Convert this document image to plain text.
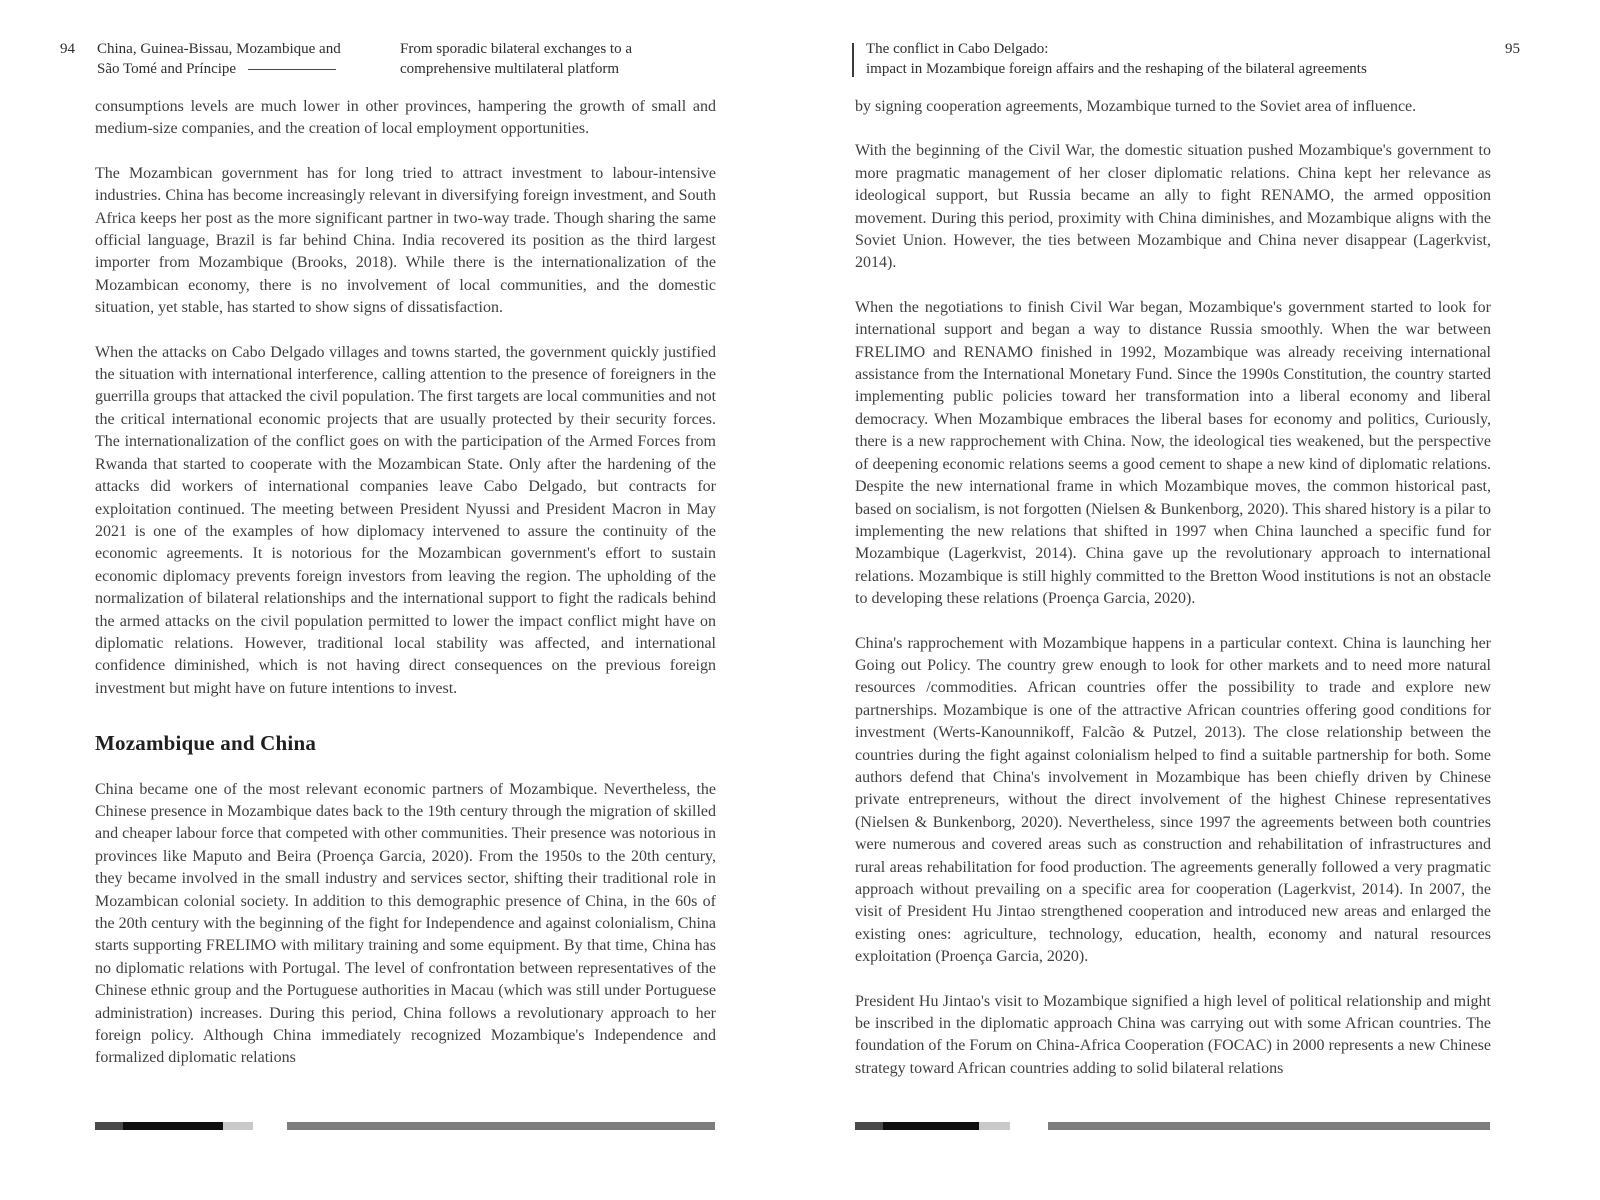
94 China, Guinea-Bissau, Mozambique and
São Tomé and Príncipe
From sporadic bilateral exchanges to a
comprehensive multilateral platform
The conflict in Cabo Delgado:
impact in Mozambique foreign affairs and the reshaping of the bilateral agreements
95

consumptions levels are much lower in other provinces, hampering the growth of small and medium-size companies, and the creation of local employment opportunities.

The Mozambican government has for long tried to attract investment to labour-intensive industries. China has become increasingly relevant in diversifying foreign investment, and South Africa keeps her post as the more significant partner in two-way trade. Though sharing the same official language, Brazil is far behind China. India recovered its position as the third largest importer from Mozambique (Brooks, 2018). While there is the internationalization of the Mozambican economy, there is no involvement of local communities, and the domestic situation, yet stable, has started to show signs of dissatisfaction.

When the attacks on Cabo Delgado villages and towns started, the government quickly justified the situation with international interference, calling attention to the presence of foreigners in the guerrilla groups that attacked the civil population. The first targets are local communities and not the critical international economic projects that are usually protected by their security forces. The internationalization of the conflict goes on with the participation of the Armed Forces from Rwanda that started to cooperate with the Mozambican State. Only after the hardening of the attacks did workers of international companies leave Cabo Delgado, but contracts for exploitation continued. The meeting between President Nyussi and President Macron in May 2021 is one of the examples of how diplomacy intervened to assure the continuity of the economic agreements. It is notorious for the Mozambican government's effort to sustain economic diplomacy prevents foreign investors from leaving the region. The upholding of the normalization of bilateral relationships and the international support to fight the radicals behind the armed attacks on the civil population permitted to lower the impact conflict might have on diplomatic relations. However, traditional local stability was affected, and international confidence diminished, which is not having direct consequences on the previous foreign investment but might have on future intentions to invest.

Mozambique and China

China became one of the most relevant economic partners of Mozambique. Nevertheless, the Chinese presence in Mozambique dates back to the 19th century through the migration of skilled and cheaper labour force that competed with other communities. Their presence was notorious in provinces like Maputo and Beira (Proença Garcia, 2020). From the 1950s to the 20th century, they became involved in the small industry and services sector, shifting their traditional role in Mozambican colonial society. In addition to this demographic presence of China, in the 60s of the 20th century with the beginning of the fight for Independence and against colonialism, China starts supporting FRELIMO with military training and some equipment. By that time, China has no diplomatic relations with Portugal. The level of confrontation between representatives of the Chinese ethnic group and the Portuguese authorities in Macau (which was still under Portuguese administration) increases. During this period, China follows a revolutionary approach to her foreign policy. Although China immediately recognized Mozambique's Independence and formalized diplomatic relations

by signing cooperation agreements, Mozambique turned to the Soviet area of influence.

With the beginning of the Civil War, the domestic situation pushed Mozambique's government to more pragmatic management of her closer diplomatic relations. China kept her relevance as ideological support, but Russia became an ally to fight RENAMO, the armed opposition movement. During this period, proximity with China diminishes, and Mozambique aligns with the Soviet Union. However, the ties between Mozambique and China never disappear (Lagerkvist, 2014).

When the negotiations to finish Civil War began, Mozambique's government started to look for international support and began a way to distance Russia smoothly. When the war between FRELIMO and RENAMO finished in 1992, Mozambique was already receiving international assistance from the International Monetary Fund. Since the 1990s Constitution, the country started implementing public policies toward her transformation into a liberal economy and liberal democracy. When Mozambique embraces the liberal bases for economy and politics, Curiously, there is a new rapprochement with China. Now, the ideological ties weakened, but the perspective of deepening economic relations seems a good cement to shape a new kind of diplomatic relations. Despite the new international frame in which Mozambique moves, the common historical past, based on socialism, is not forgotten (Nielsen & Bunkenborg, 2020). This shared history is a pilar to implementing the new relations that shifted in 1997 when China launched a specific fund for Mozambique (Lagerkvist, 2014). China gave up the revolutionary approach to international relations. Mozambique is still highly committed to the Bretton Wood institutions is not an obstacle to developing these relations (Proença Garcia, 2020).

China's rapprochement with Mozambique happens in a particular context. China is launching her Going out Policy. The country grew enough to look for other markets and to need more natural resources /commodities. African countries offer the possibility to trade and explore new partnerships. Mozambique is one of the attractive African countries offering good conditions for investment (Werts-Kanounnikoff, Falcão & Putzel, 2013). The close relationship between the countries during the fight against colonialism helped to find a suitable partnership for both. Some authors defend that China's involvement in Mozambique has been chiefly driven by Chinese private entrepreneurs, without the direct involvement of the highest Chinese representatives (Nielsen & Bunkenborg, 2020). Nevertheless, since 1997 the agreements between both countries were numerous and covered areas such as construction and rehabilitation of infrastructures and rural areas rehabilitation for food production. The agreements generally followed a very pragmatic approach without prevailing on a specific area for cooperation (Lagerkvist, 2014). In 2007, the visit of President Hu Jintao strengthened cooperation and introduced new areas and enlarged the existing ones: agriculture, technology, education, health, economy and natural resources exploitation (Proença Garcia, 2020).

President Hu Jintao's visit to Mozambique signified a high level of political relationship and might be inscribed in the diplomatic approach China was carrying out with some African countries. The foundation of the Forum on China-Africa Cooperation (FOCAC) in 2000 represents a new Chinese strategy toward African countries adding to solid bilateral relations
